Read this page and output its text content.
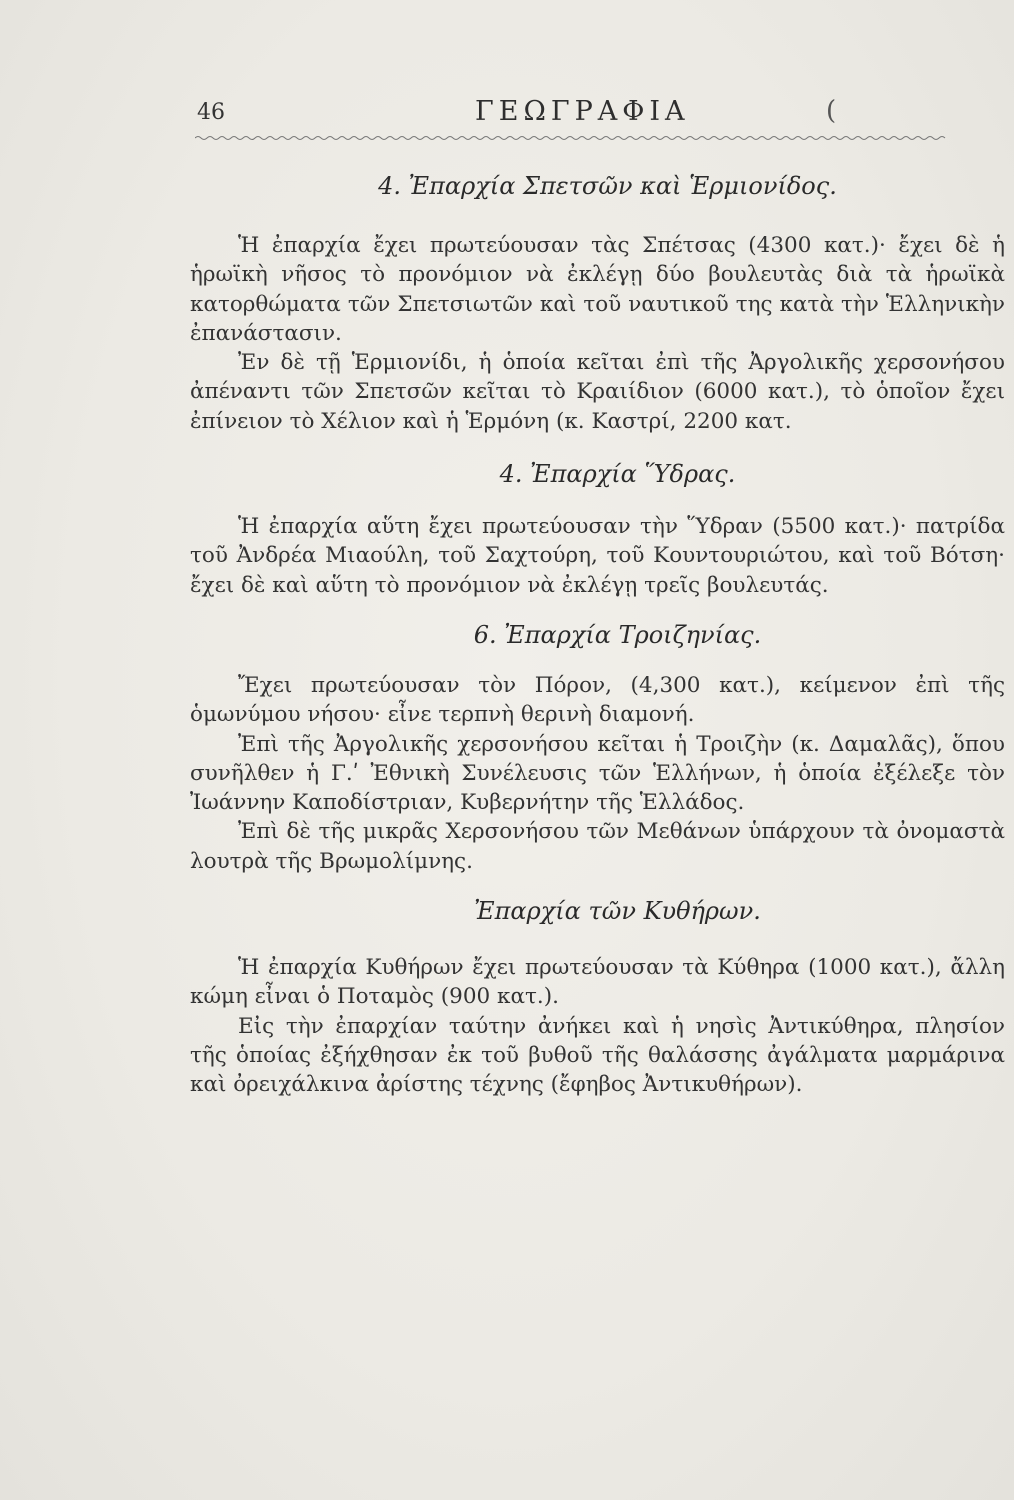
46	ΓΕΩΓΡΑΦΙΑ	(
4. Ἐπαρχία Σπετσῶν καὶ Ἑρμιονίδος.

Ἡ ἐπαρχία ἔχει πρωτεύουσαν τὰς Σπέτσας (4300 κατ.)· ἔχει δὲ ἡ ἡρωϊκὴ νῆσος τὸ προνόμιον νὰ ἐκλέγῃ δύο βουλευτὰς διὰ τὰ ἡρωϊκὰ κατορθώματα τῶν Σπετσιωτῶν καὶ τοῦ ναυτικοῦ της κατὰ τὴν Ἑλληνικὴν ἐπανάστασιν.

Ἐν δὲ τῇ Ἑρμιονίδι, ἡ ὁποία κεῖται ἐπὶ τῆς Ἀργολικῆς χερσονήσου ἀπέναντι τῶν Σπετσῶν κεῖται τὸ Κραιίδιον (6000 κατ.), τὸ ὁποῖον ἔχει ἐπίνειον τὸ Χέλιον καὶ ἡ Ἑρμόνη (κ. Καστρί, 2200 κατ.

4. Ἐπαρχία Ὕδρας.

Ἡ ἐπαρχία αὕτη ἔχει πρωτεύουσαν τὴν Ὕδραν (5500 κατ.)· πατρίδα τοῦ Ἀνδρέα Μιαούλη, τοῦ Σαχτούρη, τοῦ Κουντουριώτου, καὶ τοῦ Βότση· ἔχει δὲ καὶ αὕτη τὸ προνόμιον νὰ ἐκλέγῃ τρεῖς βουλευτάς.

6. Ἐπαρχία Τροιζηνίας.

Ἔχει πρωτεύουσαν τὸν Πόρον, (4,300 κατ.), κείμενον ἐπὶ τῆς ὁμωνύμου νήσου· εἶνε τερπνὴ θερινὴ διαμονή.

Ἐπὶ τῆς Ἀργολικῆς χερσονήσου κεῖται ἡ Τροιζὴν (κ. Δαμαλᾶς), ὅπου συνῆλθεν ἡ Γ.ʹ Ἐθνικὴ Συνέλευσις τῶν Ἑλλήνων, ἡ ὁποία ἐξέλεξε τὸν Ἰωάννην Καποδίστριαν, Κυβερνήτην τῆς Ἑλλάδος.

Ἐπὶ δὲ τῆς μικρᾶς Χερσονήσου τῶν Μεθάνων ὑπάρχουν τὰ ὀνομαστὰ λουτρὰ τῆς Βρωμολίμνης.

Ἐπαρχία τῶν Κυθήρων.

Ἡ ἐπαρχία Κυθήρων ἔχει πρωτεύουσαν τὰ Κύθηρα (1000 κατ.), ἄλλη κώμη εἶναι ὁ Ποταμὸς (900 κατ.).

Εἰς τὴν ἐπαρχίαν ταύτην ἀνήκει καὶ ἡ νησὶς Ἀντικύθηρα, πλησίον τῆς ὁποίας ἐξήχθησαν ἐκ τοῦ βυθοῦ τῆς θαλάσσης ἀγάλματα μαρμάρινα καὶ ὀρειχάλκινα ἀρίστης τέχνης (ἔφηβος Ἀντικυθήρων).
